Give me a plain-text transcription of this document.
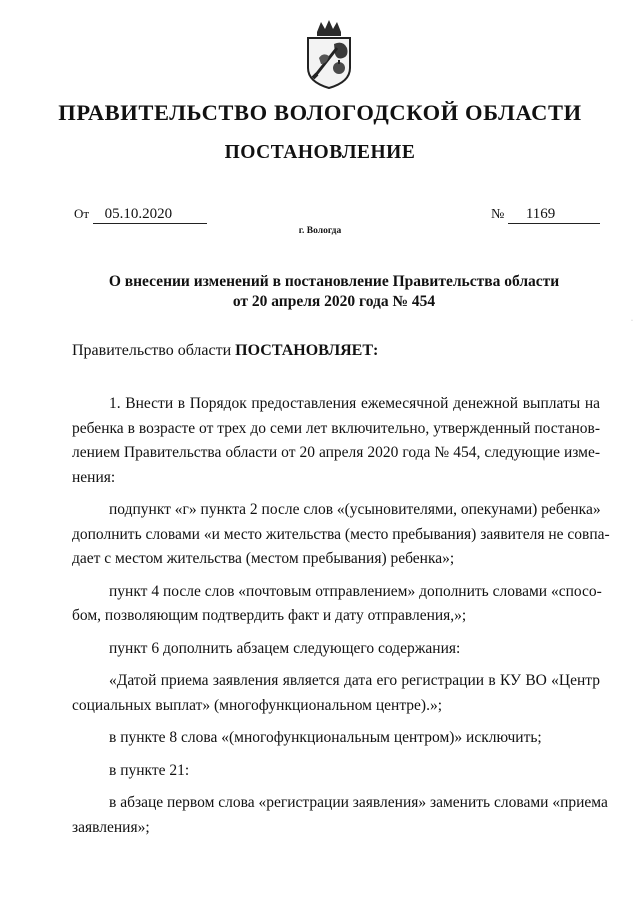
ПРАВИТЕЛЬСТВО ВОЛОГОДСКОЙ ОБЛАСТИ
ПОСТАНОВЛЕНИЕ
От 05.10.2020	№ 1169
г. Вологда
О внесении изменений в постановление Правительства области
от 20 апреля 2020 года № 454
Правительство области ПОСТАНОВЛЯЕТ:
1. Внести в Порядок предоставления ежемесячной денежной выплаты на
ребенка в возрасте от трех до семи лет включительно, утвержденный постанов-
лением Правительства области от 20 апреля 2020 года № 454, следующие изме-
нения:
подпункт «г» пункта 2 после слов «(усыновителями, опекунами) ребенка»
дополнить словами «и место жительства (место пребывания) заявителя не совпа-
дает с местом жительства (местом пребывания) ребенка»;
пункт 4 после слов «почтовым отправлением» дополнить словами «спосо-
бом, позволяющим подтвердить факт и дату отправления,»;
пункт 6 дополнить абзацем следующего содержания:
«Датой приема заявления является дата его регистрации в КУ ВО «Центр
социальных выплат» (многофункциональном центре).»;
в пункте 8 слова «(многофункциональным центром)» исключить;
в пункте 21:
в абзаце первом слова «регистрации заявления» заменить словами «приема
заявления»;
·
